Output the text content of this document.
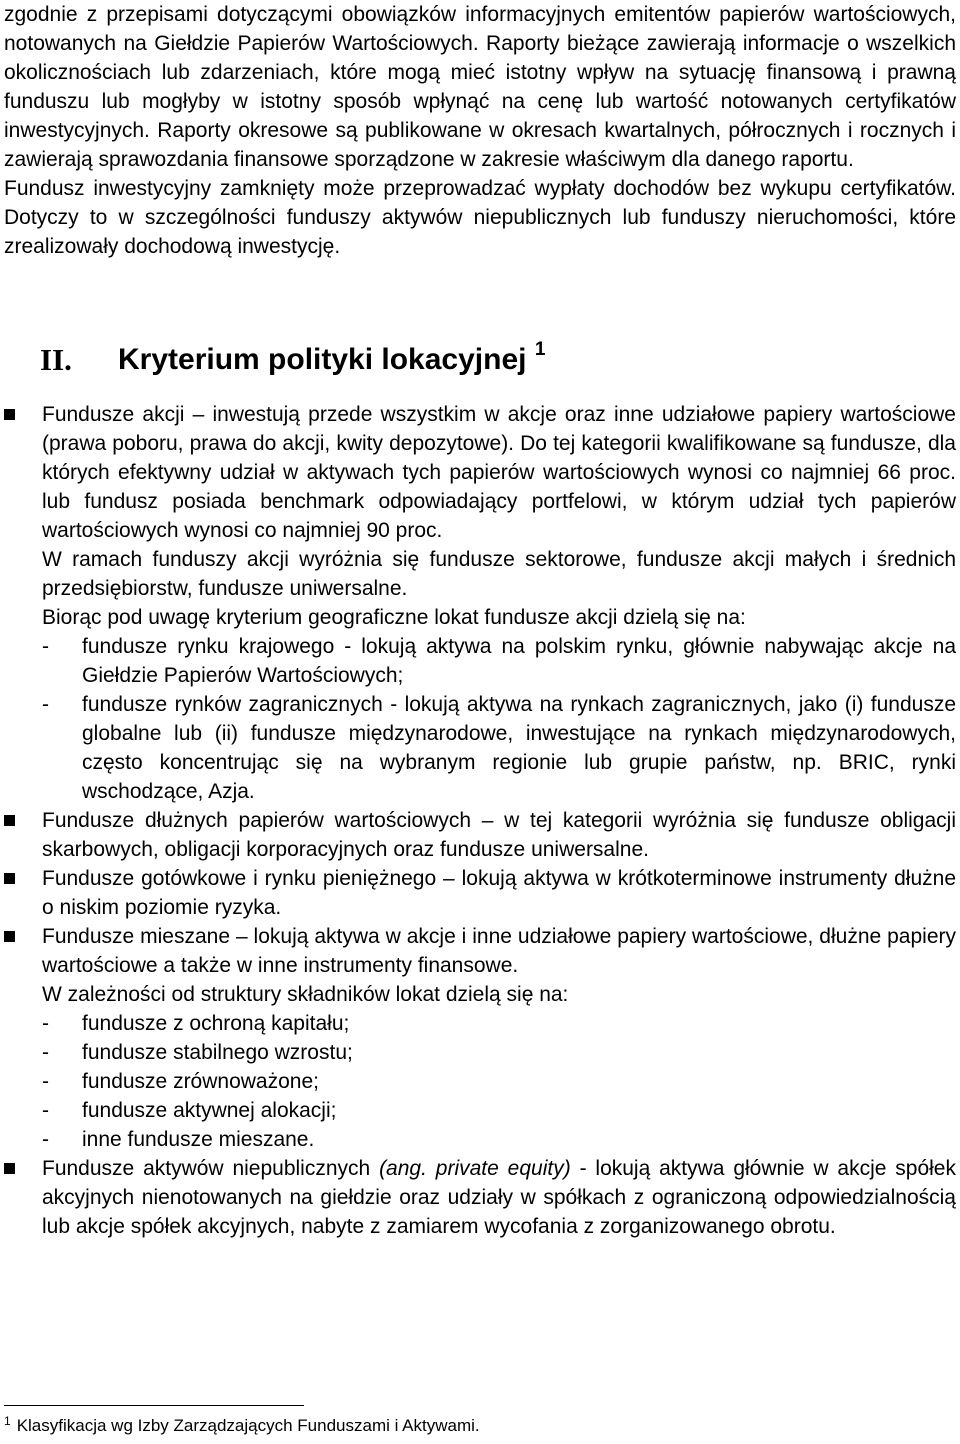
zgodnie z przepisami dotyczącymi obowiązków informacyjnych emitentów papierów wartościowych, notowanych na Giełdzie Papierów Wartościowych. Raporty bieżące zawierają informacje o wszelkich okolicznościach lub zdarzeniach, które mogą mieć istotny wpływ na sytuację finansową i prawną funduszu lub mogłyby w istotny sposób wpłynąć na cenę lub wartość notowanych certyfikatów inwestycyjnych. Raporty okresowe są publikowane w okresach kwartalnych, półrocznych i rocznych i zawierają sprawozdania finansowe sporządzone w zakresie właściwym dla danego raportu.

Fundusz inwestycyjny zamknięty może przeprowadzać wypłaty dochodów bez wykupu certyfikatów. Dotyczy to w szczególności funduszy aktywów niepublicznych lub funduszy nieruchomości, które zrealizowały dochodową inwestycję.

II.	Kryterium polityki lokacyjnej $^1$

Fundusze akcji – inwestują przede wszystkim w akcje oraz inne udziałowe papiery wartościowe (prawa poboru, prawa do akcji, kwity depozytowe). Do tej kategorii kwalifikowane są fundusze, dla których efektywny udział w aktywach tych papierów wartościowych wynosi co najmniej 66 proc. lub fundusz posiada benchmark odpowiadający portfelowi, w którym udział tych papierów wartościowych wynosi co najmniej 90 proc.

W ramach funduszy akcji wyróżnia się fundusze sektorowe, fundusze akcji małych i średnich przedsiębiorstw, fundusze uniwersalne.

Biorąc pod uwagę kryterium geograficzne lokat fundusze akcji dzielą się na:

- fundusze rynku krajowego - lokują aktywa na polskim rynku, głównie nabywając akcje na Giełdzie Papierów Wartościowych;
- fundusze rynków zagranicznych - lokują aktywa na rynkach zagranicznych, jako (i) fundusze globalne lub (ii) fundusze międzynarodowe, inwestujące na rynkach międzynarodowych, często koncentrując się na wybranym regionie lub grupie państw, np. BRIC, rynki wschodzące, Azja.

Fundusze dłużnych papierów wartościowych – w tej kategorii wyróżnia się fundusze obligacji skarbowych, obligacji korporacyjnych oraz fundusze uniwersalne.

Fundusze gotówkowe i rynku pieniężnego – lokują aktywa w krótkoterminowe instrumenty dłużne o niskim poziomie ryzyka.

Fundusze mieszane – lokują aktywa w akcje i inne udziałowe papiery wartościowe, dłużne papiery wartościowe a także w inne instrumenty finansowe.

W zależności od struktury składników lokat dzielą się na:

- fundusze z ochroną kapitału;
- fundusze stabilnego wzrostu;
- fundusze zrównoważone;
- fundusze aktywnej alokacji;
- inne fundusze mieszane.

Fundusze aktywów niepublicznych (ang. private equity) - lokują aktywa głównie w akcje spółek akcyjnych nienotowanych na giełdzie oraz udziały w spółkach z ograniczoną odpowiedzialnością lub akcje spółek akcyjnych, nabyte z zamiarem wycofania z zorganizowanego obrotu.

$^1$ Klasyfikacja wg Izby Zarządzających Funduszami i Aktywami.
